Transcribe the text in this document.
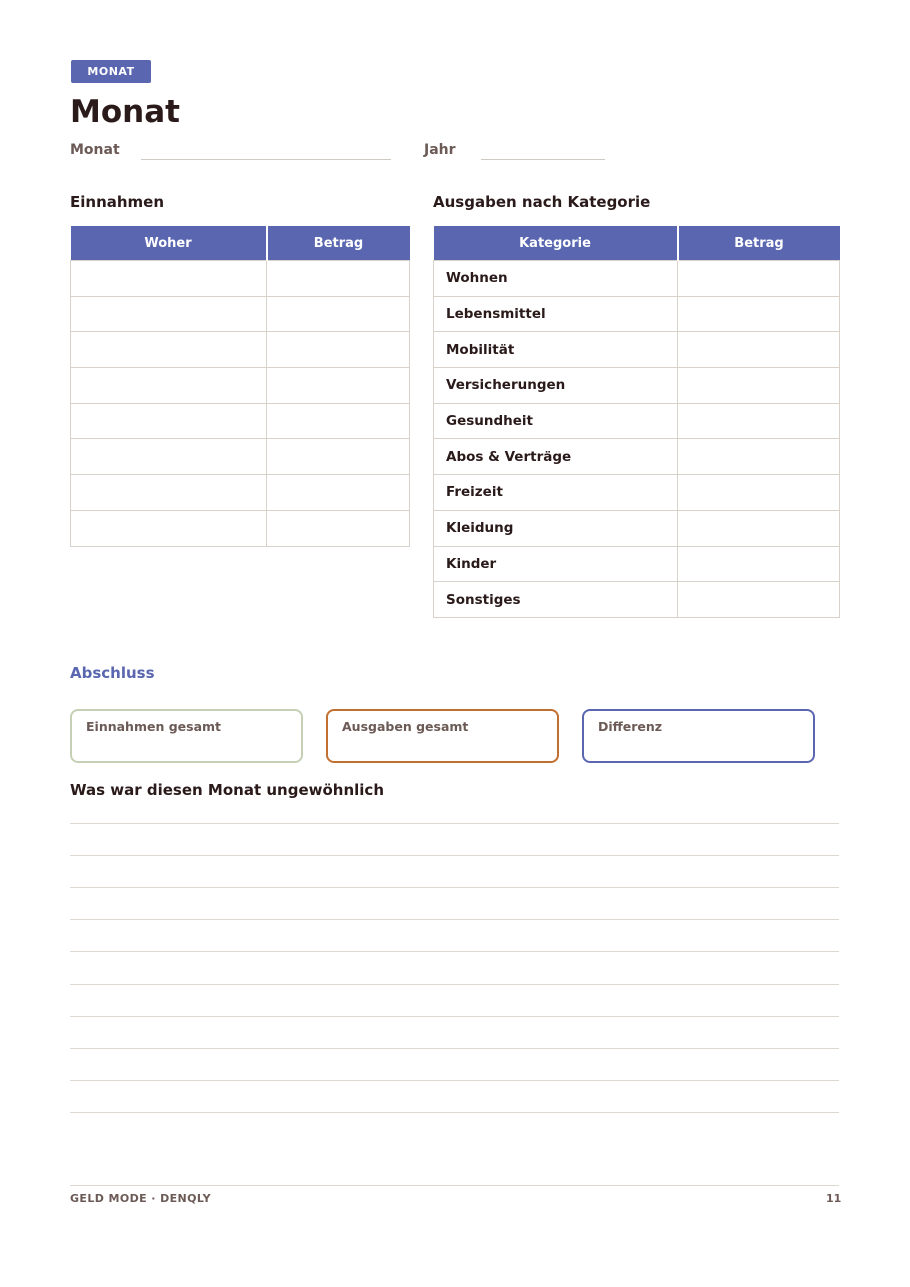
MONAT
Monat
Monat	Jahr
Einnahmen
Woher	Betrag

Ausgaben nach Kategorie
Kategorie	Betrag
Wohnen	
Lebensmittel	
Mobilität	
Versicherungen	
Gesundheit	
Abos & Verträge	
Freizeit	
Kleidung	
Kinder	
Sonstiges	
Abschluss
Einnahmen gesamt	Ausgaben gesamt	Differenz
Was war diesen Monat ungewöhnlich
GELD MODE · DENQLY	11
